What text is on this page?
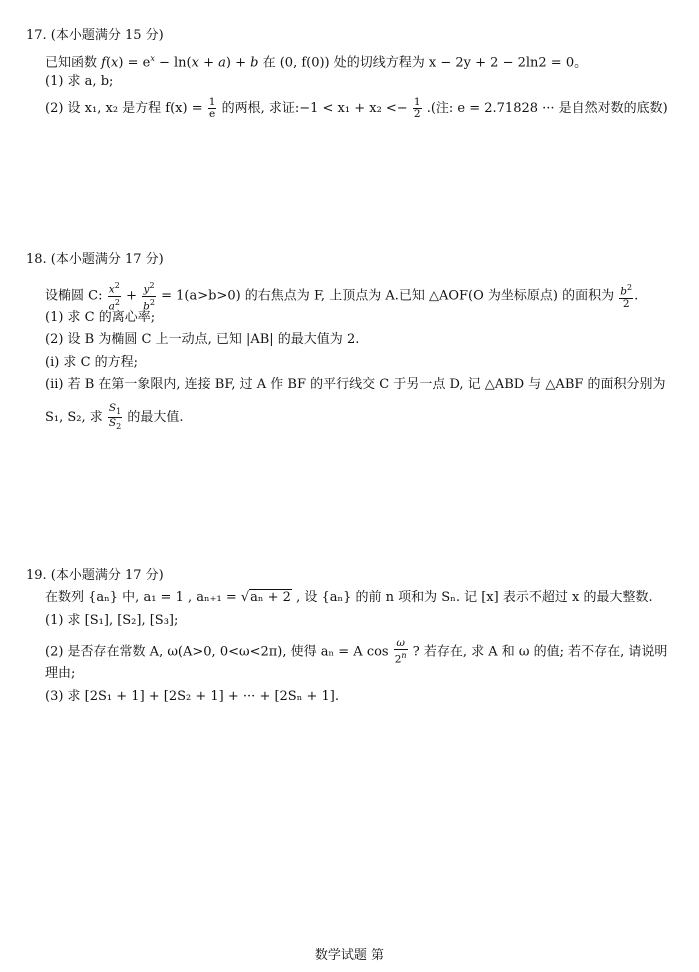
17. (本小题满分 15 分)
已知函数 $f(x) = e^x - \ln(x + a) + b$ 在 (0, f(0)) 处的切线方程为 x − 2y + 2 − 2ln2 = 0。
(1) 求 a, b;
(2) 设 x₁, x₂ 是方程 $f(x) = \frac{1}{e}$ 的两根, 求证:−1 < $x_1 + x_2 <- \frac{1}{2}$ .(注: e = 2.71828 ··· 是自然对数的底数)
18. (本小题满分 17 分)
设椭圆 C: $\frac{x^2}{a^2} + \frac{y^2}{b^2} = 1(a>b>0)$ 的右焦点为 F, 上顶点为 A.已知 △AOF(O 为坐标原点) 的面积为 $\frac{b^2}{2}$ .
(1) 求 C 的离心率;
(2) 设 B 为椭圆 C 上一动点, 已知 |AB| 的最大值为 2.
(i) 求 C 的方程;
(ii) 若 B 在第一象限内, 连接 BF, 过 A 作 BF 的平行线交 C 于另一点 D, 记 △ABD 与 △ABF 的面积分别为
S₁, S₂, 求 $\frac{S_1}{S_2}$ 的最大值.
19. (本小题满分 17 分)
在数列 {aₙ} 中, a₁ = 1 , aₙ₊₁ = √aₙ + 2 , 设 {aₙ} 的前 n 项和为 Sₙ. 记 [x] 表示不超过 x 的最大整数.
(1) 求 [S₁], [S₂], [S₃];
(2) 是否存在常数 A, ω(A>0, 0<ω<2π), 使得 aₙ = A $\cos \frac{\omega}{2^n}$ ? 若存在, 求 A 和 ω 的值; 若不存在, 请说明
理由;
(3) 求 [2S₁ + 1] + [2S₂ + 1] + ··· + [2Sₙ + 1].
数学试题 第
